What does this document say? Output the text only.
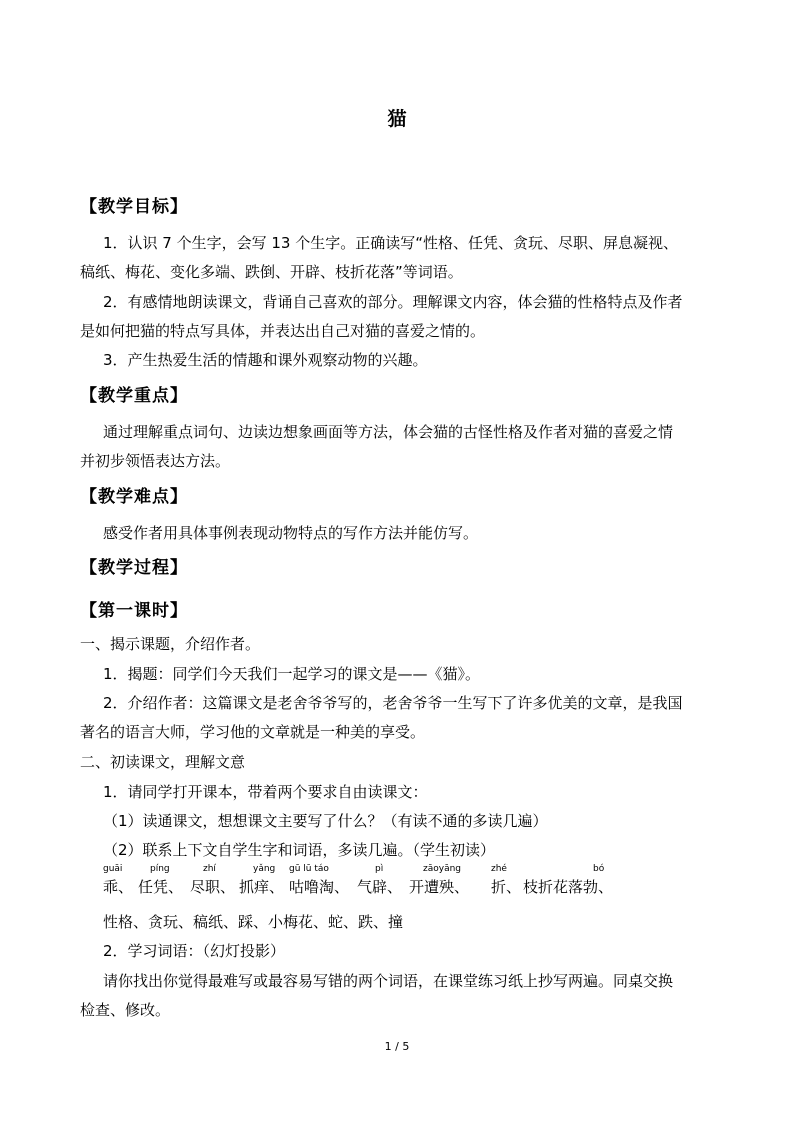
猫
【教学目标】
1．认识 7 个生字，会写 13 个生字。正确读写“性格、任凭、贪玩、尽职、屏息凝视、
稿纸、梅花、变化多端、跌倒、开辟、枝折花落”等词语。
2．有感情地朗读课文，背诵自己喜欢的部分。理解课文内容，体会猫的性格特点及作者
是如何把猫的特点写具体，并表达出自己对猫的喜爱之情的。
3．产生热爱生活的情趣和课外观察动物的兴趣。
【教学重点】
通过理解重点词句、边读边想象画面等方法，体会猫的古怪性格及作者对猫的喜爱之情
并初步领悟表达方法。
【教学难点】
感受作者用具体事例表现动物特点的写作方法并能仿写。
【教学过程】
【第一课时】
一、揭示课题，介绍作者。
1．揭题：同学们今天我们一起学习的课文是——《猫》。
2．介绍作者：这篇课文是老舍爷爷写的，老舍爷爷一生写下了许多优美的文章，是我国
著名的语言大师，学习他的文章就是一种美的享受。
二、初读课文，理解文意
1．请同学打开课本，带着两个要求自由读课文：
（1）读通课文，想想课文主要写了什么？（有读不通的多读几遍）
（2）联系上下文自学生字和词语，多读几遍。（学生初读）
guāi
乖、
píng
任凭、
zhí
尽职、
yǎng
抓痒、
gū lū táo
咕噜淘、
pì
气辟、
zāoyāng
开遭殃、
zhé
折、
bó
枝折花落勃、
性格、贪玩、稿纸、踩、小梅花、蛇、跌、撞
2．学习词语：（幻灯投影）
请你找出你觉得最难写或最容易写错的两个词语，在课堂练习纸上抄写两遍。同桌交换
检查、修改。
1 / 5
